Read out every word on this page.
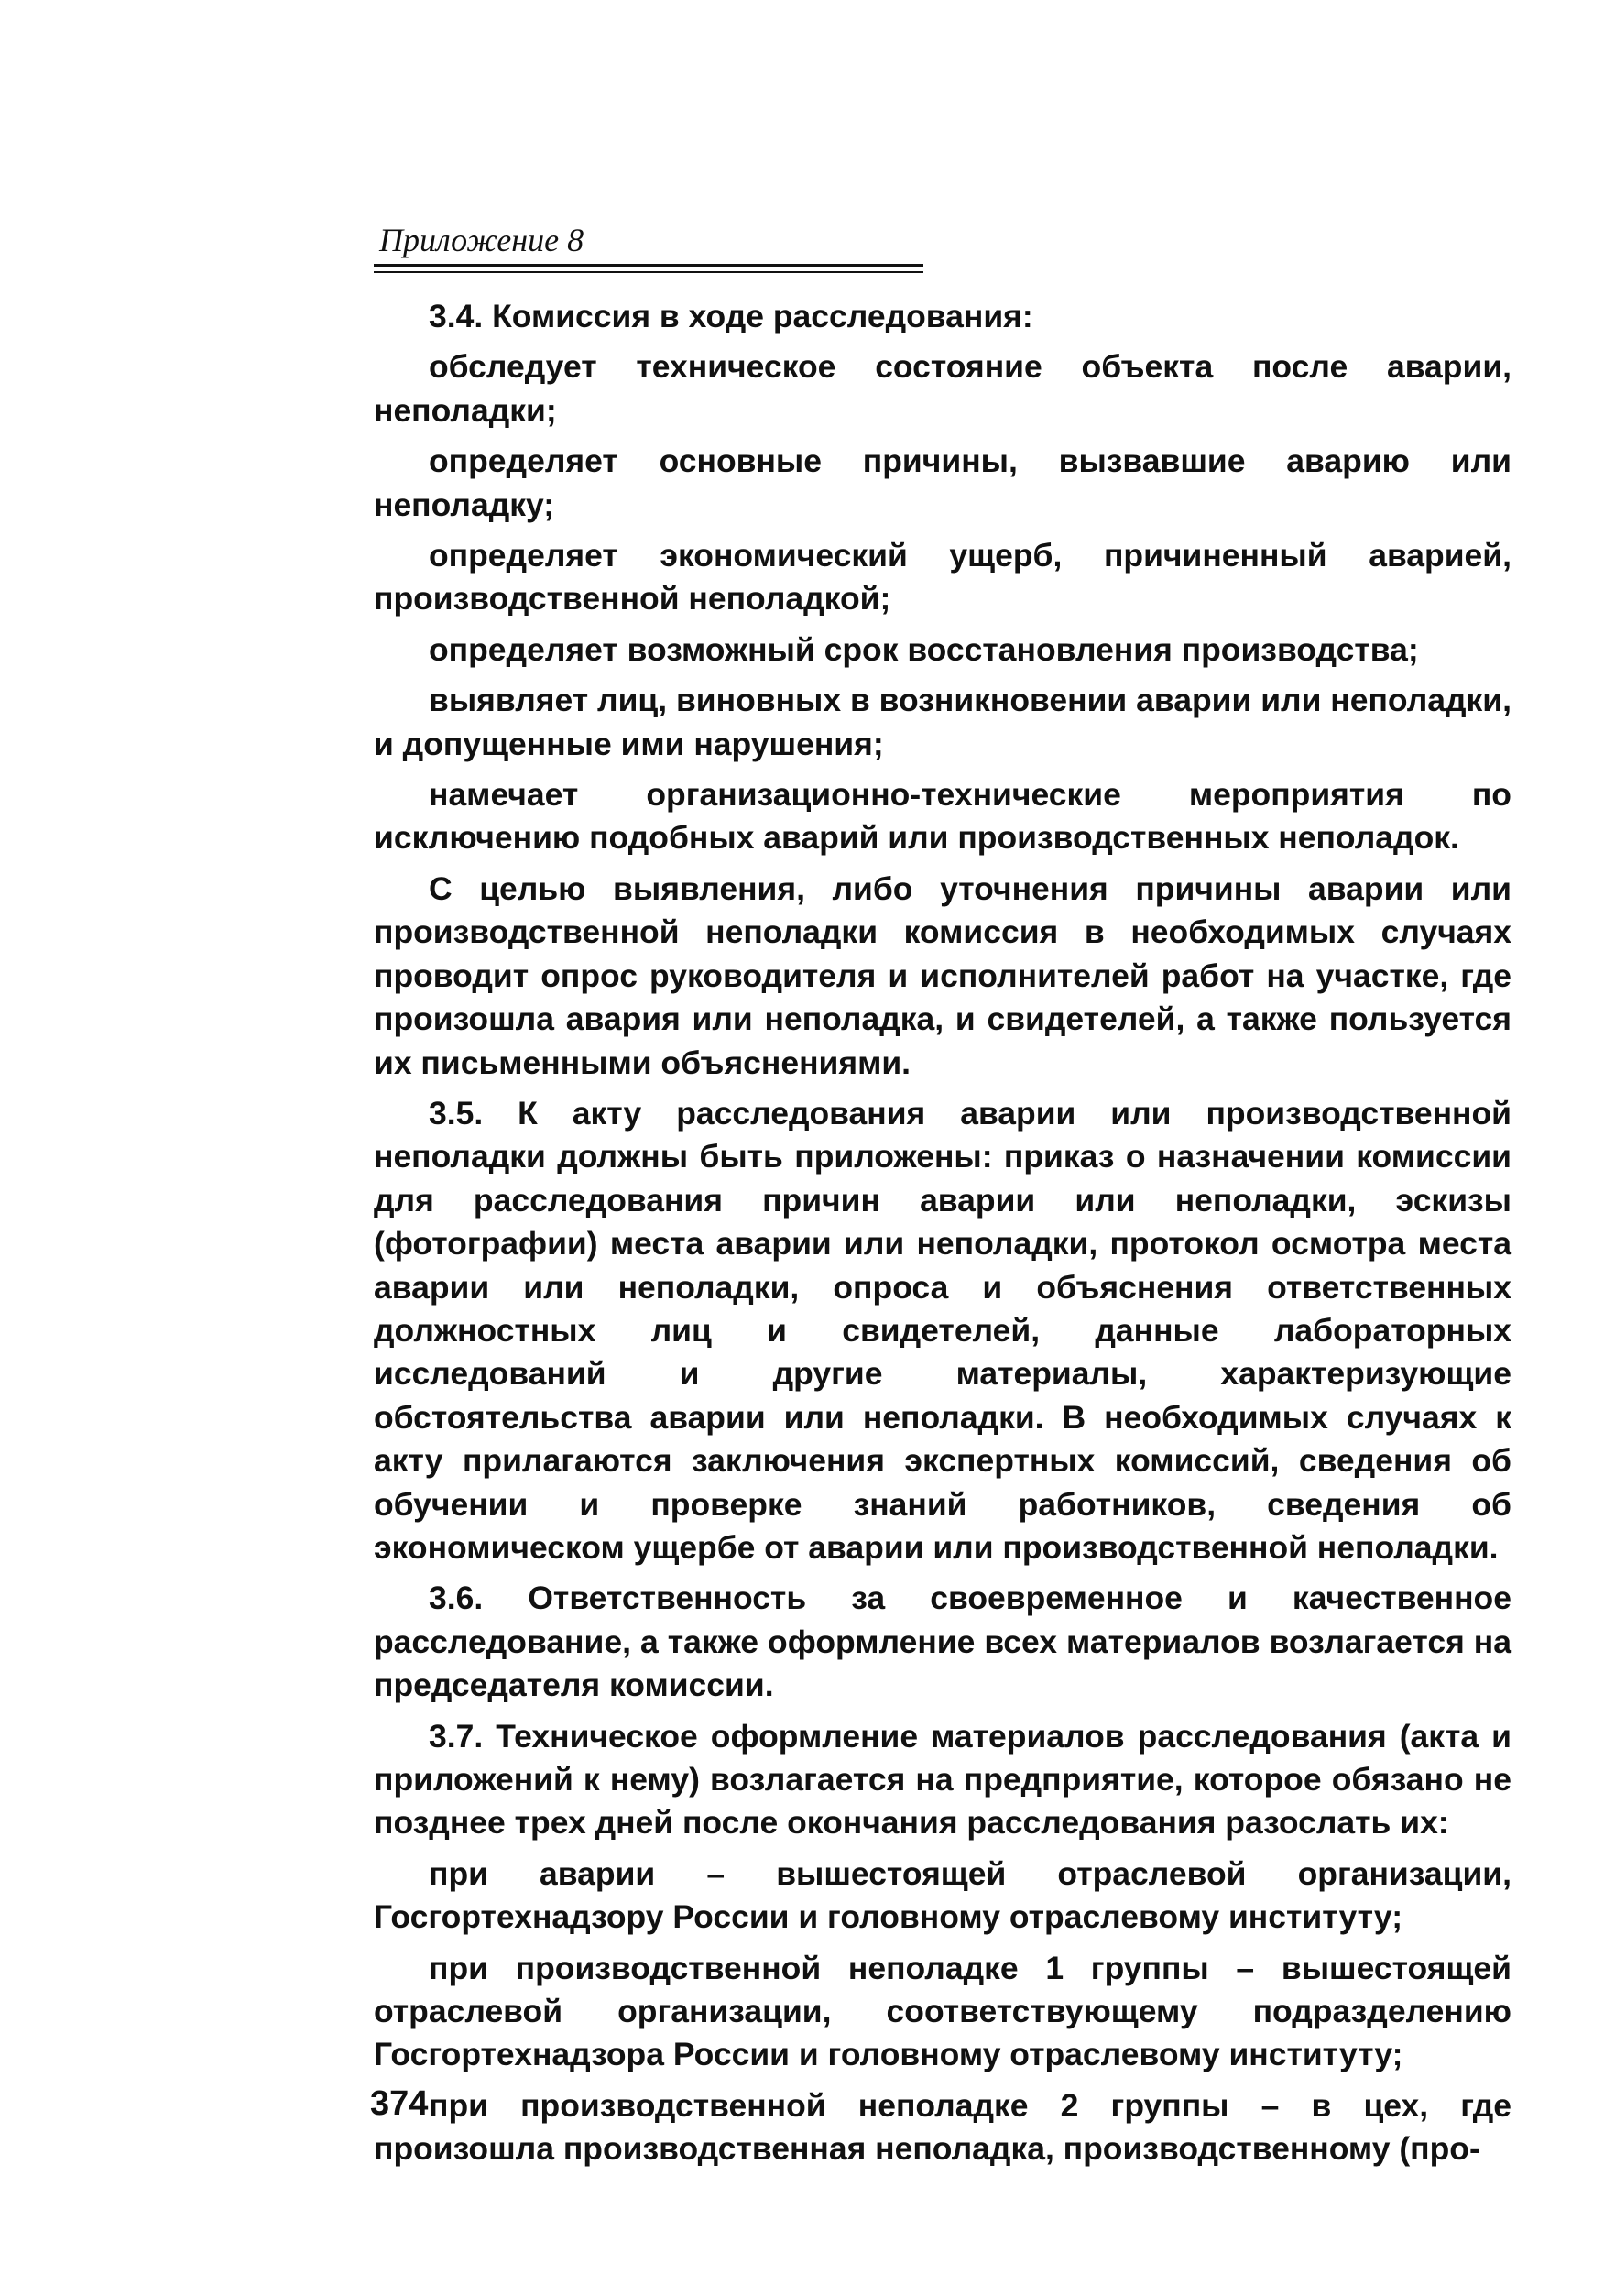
Приложение 8

3.4. Комиссия в ходе расследования:

обследует техническое состояние объекта после аварии, неполадки;

определяет основные причины, вызвавшие аварию или неполадку;

определяет экономический ущерб, причиненный аварией, производственной неполадкой;

определяет возможный срок восстановления производства;

выявляет лиц, виновных в возникновении аварии или неполадки, и допущенные ими нарушения;

намечает организационно-технические мероприятия по исключению подобных аварий или производственных неполадок.

С целью выявления, либо уточнения причины аварии или производственной неполадки комиссия в необходимых случаях проводит опрос руководителя и исполнителей работ на участке, где произошла авария или неполадка, и свидетелей, а также пользуется их письменными объяснениями.

3.5. К акту расследования аварии или производственной неполадки должны быть приложены: приказ о назначении комиссии для расследования причин аварии или неполадки, эскизы (фотографии) места аварии или неполадки, протокол осмотра места аварии или неполадки, опроса и объяснения ответственных должностных лиц и свидетелей, данные лабораторных исследований и другие материалы, характеризующие обстоятельства аварии или неполадки. В необходимых случаях к акту прилагаются заключения экспертных комиссий, сведения об обучении и проверке знаний работников, сведения об экономическом ущербе от аварии или производственной неполадки.

3.6. Ответственность за своевременное и качественное расследование, а также оформление всех материалов возлагается на председателя комиссии.

3.7. Техническое оформление материалов расследования (акта и приложений к нему) возлагается на предприятие, которое обязано не позднее трех дней после окончания расследования разослать их:

при аварии – вышестоящей отраслевой организации, Госгортехнадзору России и головному отраслевому институту;

при производственной неполадке 1 группы – вышестоящей отраслевой организации, соответствующему подразделению Госгортехнадзора России и головному отраслевому институту;

при производственной неполадке 2 группы – в цех, где произошла производственная неполадка, производственному (про-

374
